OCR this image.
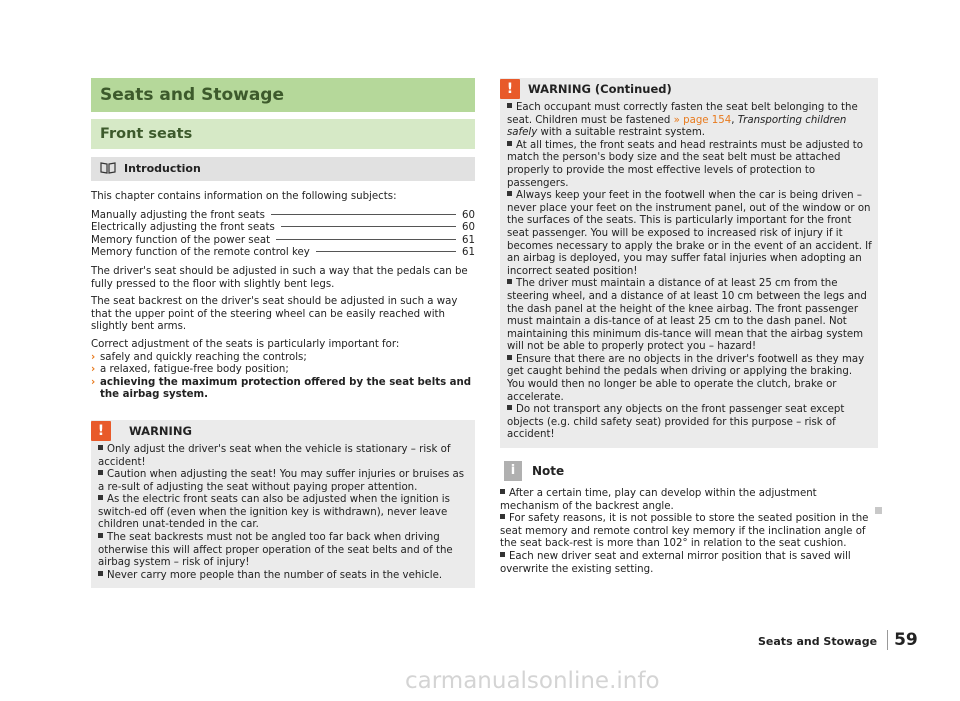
Seats and Stowage
Front seats
Introduction

This chapter contains information on the following subjects:

Manually adjusting the front seats	60
Electrically adjusting the front seats	60
Memory function of the power seat	61
Memory function of the remote control key	61

The driver's seat should be adjusted in such a way that the pedals can be fully pressed to the floor with slightly bent legs.

The seat backrest on the driver's seat should be adjusted in such a way that the upper point of the steering wheel can be easily reached with slightly bent arms.

Correct adjustment of the seats is particularly important for:

› safely and quickly reaching the controls;
› a relaxed, fatigue-free body position;
› achieving the maximum protection offered by the seat belts and the airbag system.
!	WARNING
Only adjust the driver's seat when the vehicle is stationary – risk of accident!
Caution when adjusting the seat! You may suffer injuries or bruises as a re-sult of adjusting the seat without paying proper attention.
As the electric front seats can also be adjusted when the ignition is switch-ed off (even when the ignition key is withdrawn), never leave children unat-tended in the car.
The seat backrests must not be angled too far back when driving otherwise this will affect proper operation of the seat belts and of the airbag system – risk of injury!
Never carry more people than the number of seats in the vehicle.
!	WARNING (Continued)
Each occupant must correctly fasten the seat belt belonging to the seat. Children must be fastened » page 154, Transporting children safely with a suitable restraint system.
At all times, the front seats and head restraints must be adjusted to match the person's body size and the seat belt must be attached properly to provide the most effective levels of protection to passengers.
Always keep your feet in the footwell when the car is being driven – never place your feet on the instrument panel, out of the window or on the surfaces of the seats. This is particularly important for the front seat passenger. You will be exposed to increased risk of injury if it becomes necessary to apply the brake or in the event of an accident. If an airbag is deployed, you may suffer fatal injuries when adopting an incorrect seated position!
The driver must maintain a distance of at least 25 cm from the steering wheel, and a distance of at least 10 cm between the legs and the dash panel at the height of the knee airbag. The front passenger must maintain a dis-tance of at least 25 cm to the dash panel. Not maintaining this minimum dis-tance will mean that the airbag system will not be able to properly protect you – hazard!
Ensure that there are no objects in the driver's footwell as they may get caught behind the pedals when driving or applying the braking. You would then no longer be able to operate the clutch, brake or accelerate.
Do not transport any objects on the front passenger seat except objects (e.g. child safety seat) provided for this purpose – risk of accident!
i	Note
After a certain time, play can develop within the adjustment mechanism of the backrest angle.
For safety reasons, it is not possible to store the seated position in the seat memory and remote control key memory if the inclination angle of the seat back-rest is more than 102° in relation to the seat cushion.
Each new driver seat and external mirror position that is saved will overwrite the existing setting.
Seats and Stowage	59
carmanualsonline.info
